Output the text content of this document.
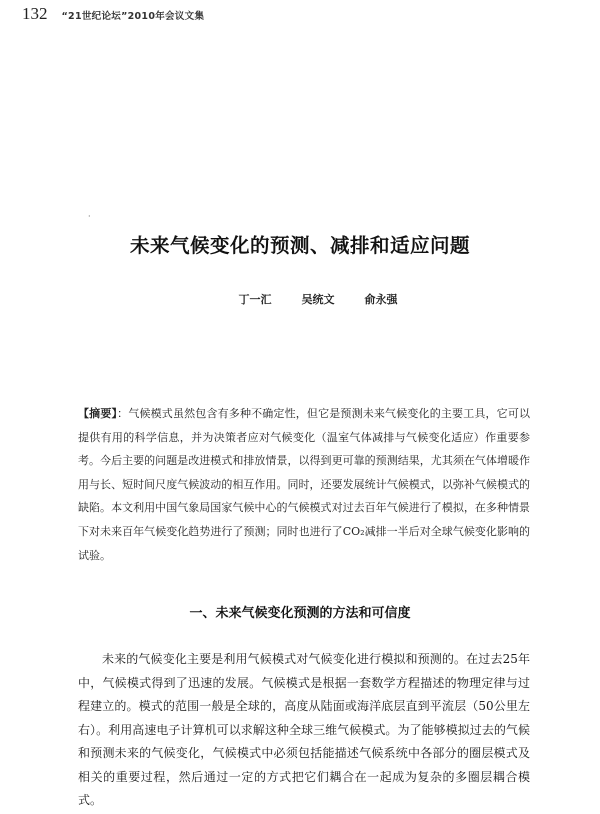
132 “21世纪论坛”2010年会议文集
·
未来气候变化的预测、减排和适应问题
丁一汇	吴统文	俞永强
【摘要】：气候模式虽然包含有多种不确定性，但它是预测未来气候变化的主要工具，它可以提供有用的科学信息，并为决策者应对气候变化（温室气体减排与气候变化适应）作重要参考。今后主要的问题是改进模式和排放情景，以得到更可靠的预测结果，尤其须在气体增暖作用与长、短时间尺度气候波动的相互作用。同时，还要发展统计气候模式，以弥补气候模式的缺陷。本文利用中国气象局国家气候中心的气候模式对过去百年气候进行了模拟，在多种情景下对未来百年气候变化趋势进行了预测；同时也进行了CO₂减排一半后对全球气候变化影响的试验。
一、未来气候变化预测的方法和可信度

未来的气候变化主要是利用气候模式对气候变化进行模拟和预测的。在过去25年中，气候模式得到了迅速的发展。气候模式是根据一套数学方程描述的物理定律与过程建立的。模式的范围一般是全球的，高度从陆面或海洋底层直到平流层（50公里左右）。利用高速电子计算机可以求解这种全球三维气候模式。为了能够模拟过去的气候和预测未来的气候变化，气候模式中必须包括能描述气候系统中各部分的圈层模式及相关的重要过程，然后通过一定的方式把它们耦合在一起成为复杂的多圈层耦合模式。
